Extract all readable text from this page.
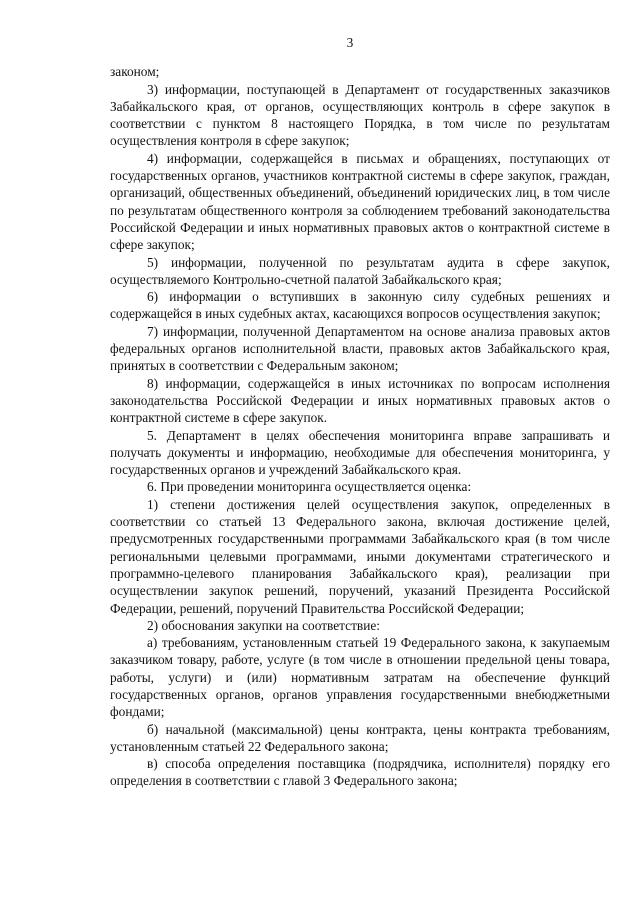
3

законом;

3) информации, поступающей в Департамент от государственных заказчиков Забайкальского края, от органов, осуществляющих контроль в сфере закупок в соответствии с пунктом 8 настоящего Порядка, в том числе по результатам осуществления контроля в сфере закупок;

4) информации, содержащейся в письмах и обращениях, поступающих от государственных органов, участников контрактной системы в сфере закупок, граждан, организаций, общественных объединений, объединений юридических лиц, в том числе по результатам общественного контроля за соблюдением требований законодательства Российской Федерации и иных нормативных правовых актов о контрактной системе в сфере закупок;

5) информации, полученной по результатам аудита в сфере закупок, осуществляемого Контрольно-счетной палатой Забайкальского края;

6) информации о вступивших в законную силу судебных решениях и содержащейся в иных судебных актах, касающихся вопросов осуществления закупок;

7) информации, полученной Департаментом на основе анализа правовых актов федеральных органов исполнительной власти, правовых актов Забайкальского края, принятых в соответствии с Федеральным законом;

8) информации, содержащейся в иных источниках по вопросам исполнения законодательства Российской Федерации и иных нормативных правовых актов о контрактной системе в сфере закупок.

5. Департамент в целях обеспечения мониторинга вправе запрашивать и получать документы и информацию, необходимые для обеспечения мониторинга, у государственных органов и учреждений Забайкальского края.

6. При проведении мониторинга осуществляется оценка:

1) степени достижения целей осуществления закупок, определенных в соответствии со статьей 13 Федерального закона, включая достижение целей, предусмотренных государственными программами Забайкальского края (в том числе региональными целевыми программами, иными документами стратегического и программно-целевого планирования Забайкальского края), реализации при осуществлении закупок решений, поручений, указаний Президента Российской Федерации, решений, поручений Правительства Российской Федерации;

2) обоснования закупки на соответствие:

а) требованиям, установленным статьей 19 Федерального закона, к закупаемым заказчиком товару, работе, услуге (в том числе в отношении предельной цены товара, работы, услуги) и (или) нормативным затратам на обеспечение функций государственных органов, органов управления государственными внебюджетными фондами;

б) начальной (максимальной) цены контракта, цены контракта требованиям, установленным статьей 22 Федерального закона;

в) способа определения поставщика (подрядчика, исполнителя) порядку его определения в соответствии с главой 3 Федерального закона;
